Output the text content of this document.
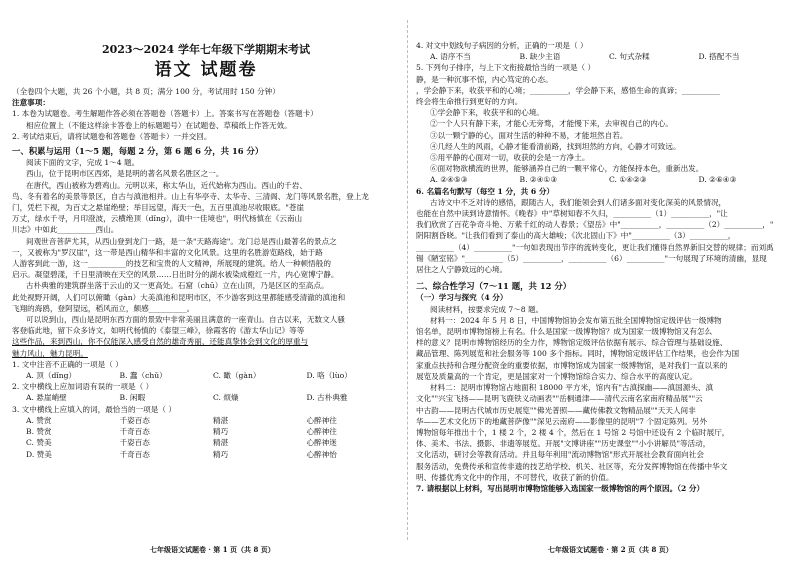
2023～2024 学年七年级下学期期末考试
语文 试题卷
（全卷四个大题，共 26 个小题，共 8 页；满分 100 分，考试用时 150 分钟）
注意事项：
1. 本卷为试题卷。考生解题作答必须在答题卷（答题卡）上。答案书写在答题卷（答题卡）
相应位置上（不能这样涂卡答卷上的标题题号）在试题卷、草稿纸上作答无效。
2. 考试结束后，请将试题卷和答题卷（答题卡）一并交回。
一、积累与运用（1～5 题，每题 2 分，第 6 题 6 分，共 16 分）
阅读下面的文字，完成 1～4 题。
西山，位于昆明市区西郊，是昆明的著名风景名胜区之一。
在唐代，西山被称为碧鸡山。元明以来，称太华山，近代始称为西山。西山的千岩、
鸟、冬有着名的美景等景区，自古与滇池相并。山上有华亭寺、太华寺、三清阁、龙门等风景名胜，登上龙
门，凭栏下视，为百丈之悬崖绝壁；举目远望，海天一色，五百里滇池尽收眼底。"苍崖
万丈，绿水千寻，月印澄波，云横绝顶（dǐng），滇中一佳境也"，明代杨慎在《云南山
川志》中如此__________西山。
间观世音菩萨尤其，从西山登到龙门一路，是一条"天路海途"。龙门总是西山最著名的景点之
一，又被称为"罗汉崖"，这一带是西山精华和丰富的文化风景。这里的名胜游览路线，始于路
人游客到此一游，这一__________的技艺和宝贵的人文精神，所展现的建筑。给人一种顿悟般的
启示。凝望碧漾，千日里清映在天空的风景……日出时分的湖水被染成橙红一片，内心宽博宁静。
古朴典雅的建筑群坐落于云山的又一更高处。石窟（chū）立在山顶，乃是区区的至高点。
此处视野开阔，人们可以俯瞰（gàn）大美滇池和昆明市区，不少游客到这里都能感受清澈的滇池和
飞翔的海鸥，登阿望远，稻风而立，颇感__________。
可以说到山，西山是昆明东西方面的景致中非常美丽且满意的一座青山。自古以来，无数文人骚
客登临此地，留下众多诗文，如明代杨慎的《泰望三峰》，徐霞客的《游太华山记》等等
这些作品，来到西山，你不仅能深入感受自然的雄奇秀丽，还能真挚体会到文化的厚重与
魅力风山，魅力昆明。
1. 文中注音不正确的一项是（ ）
A. 顶（dǐng）	B. 蠢（chǔ）	C. 瞰（gàn）	D. 咯（lùo）
2. 文中横线上应加词语有误的一项是（ ）
A. 悬崖峭壁	B. 闲暇	C. 烦燥	D. 古朴典雅
3. 文中横线上应填入的词，最恰当的一项是（ ）
A. 赞赏	千姿百态	精湛	心醉神往
B. 赞赏	千奇百态	精巧	心醉神往
C. 赞美	千姿百态	精湛	心醉神迷
D. 赞美	千奇百态	精巧	心醉神怡
七年级语文试题卷 · 第 1 页（共 8 页）
4. 对文中划线句子病因的分析，正确的一项是（ ）
A. 语序不当	B. 缺少主语	C. 句式杂糅	D. 搭配不当
5. 下列句子排序，与上下文衔接最恰当的一项是（ ）
静，是一种沉事不惊，内心笃定的心态。
，学会静下来，收获平和的心境；__________，学会静下来，感悟生命的真谛；__________
终会将生命推行到更好的方向。
①学会静下来，收获平和的心境。
②一个人只有静下来，才能心无旁骛，才能慢下来，去审视自己的内心。
③以一颗宁静的心，面对生活的种种不易，才能坦然自若。
④几经人生的风雨，心静才能看清前路，找到坦然的方向，心静才可致远。
⑤用平静的心面对一切，收获的会是一方净土。
⑥面对物欲横流的世界，能够涵养自己的一颗平常心，方能保持本色，重新出发。
A. ②④⑤③	B. ②④①③	C. ①④②③	D. ②⑥④③
6. 名篇名句默写（每空 1 分，共 6 分）
古诗文中不乏对诗的感悟，跟随古人，我们能领会到人们诸多面对变化深美的风景情况，
也能在自然中读到诗意情怀。《晚春》中"草树知春不久归，__________（1）__________，"让
我们欣赏了百花争奇斗艳、万紫千红的动人春景；《望岳》中"__________，__________（2）__________，"
阴阳割昏晓。"让我们看到了泰山的高大雄峻；《次北固山下》中"__________（3）__________，
__________（4）__________"一句如表现出节序的流转变化，更让我们懂得自然界新旧交替的规律；而刘禹
锡《陋室铭》"__________（5）__________，__________（6）__________"一句展现了环境的清幽，显现
居住之人宁静致远的心境。
二、综合性学习（7～11 题，共 12 分）
（一）学习与探究（4 分）
阅读材料，按要求完成 7～8 题。
材料一：2024 年 5 月 8 日，中国博物馆协会发布第五批全国博物馆定级评估一级博物
馆名单，昆明市博物馆榜上有名。什么是国家一级博物馆？成为国家一级博物馆又有怎么
样的意义？昆明市博物馆经历的全力作，博物馆定级评估依据有展示、综合管理与基础设施、
藏品管理、陈列展览和社会服务等 100 多个指标。同时，博物馆定级评估工作结果，也会作为国
家重点扶持和合理分配资金的重要依据，市博物馆成为国家一级博物馆，是对我们一直以来的
展览及质量高的一个肯定，更是国家对一个博物馆综合实力、综合水平的高度认定。
材料二：昆明市博物馆占地面积 18000 平方米，馆内有"古滇探幽——滇国源头、滇
文化""兴宝飞扬——昆明飞鹿铁义动画表""岳桐通津——清代云南名家南府精品展""云
中古韵——昆明古代城市历史展览""佛光普照——藏传佛教文物精品展""天天人间非
华——艺术文化历下的地藏菩萨像""深见云南府——影像里的昆明"7 个固定陈列。另外
博物馆每年推出十个，1 楼 2 个，2 楼 4 个，然后在 1 号馆 2 号馆中还设有 2 个临时展厅，
体、美术、书法、摄影、非遗等展览。开展"文博讲座""历史课堂""小小讲解员"等活动，
文化活动，研讨会等教育活动。并且每年利用"流动博物馆"形式开展社会教育面向社会
服务活动，免费传承和宣传非遗的技艺给学校、机关、社区等，充分发挥博物馆在传播中华文
明、传播优秀文化中的作用，不可替代，收获了新的价值。
7. 请根据以上材料，写出昆明市博物馆能够入选国家一级博物馆的两个原因。（2 分）
七年级语文试题卷 · 第 2 页（共 8 页）
